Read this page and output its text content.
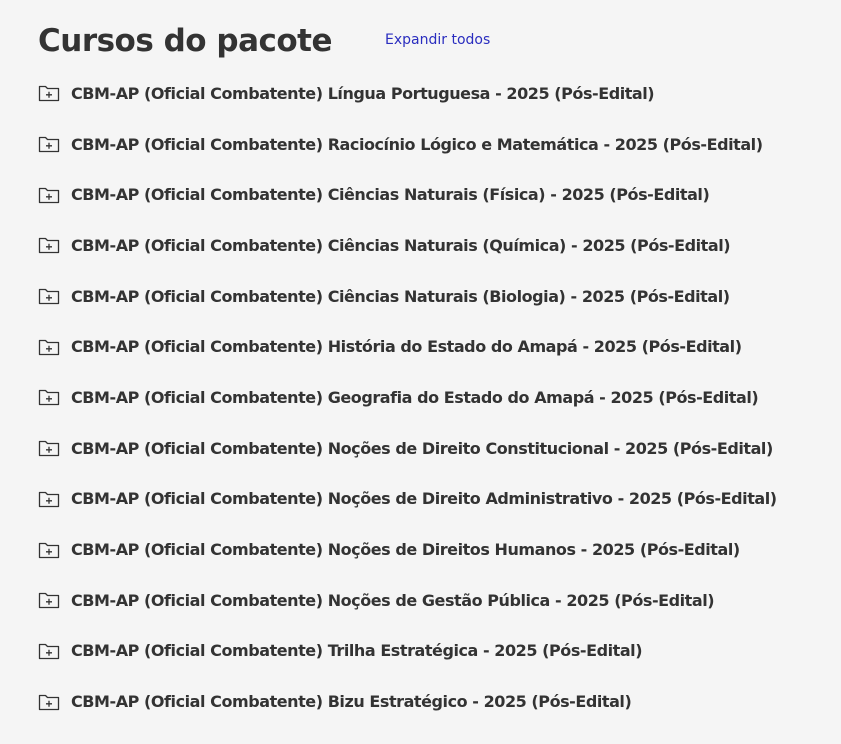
Cursos do pacote	Expandir todos
CBM-AP (Oficial Combatente) Língua Portuguesa - 2025 (Pós-Edital)
CBM-AP (Oficial Combatente) Raciocínio Lógico e Matemática - 2025 (Pós-Edital)
CBM-AP (Oficial Combatente) Ciências Naturais (Física) - 2025 (Pós-Edital)
CBM-AP (Oficial Combatente) Ciências Naturais (Química) - 2025 (Pós-Edital)
CBM-AP (Oficial Combatente) Ciências Naturais (Biologia) - 2025 (Pós-Edital)
CBM-AP (Oficial Combatente) História do Estado do Amapá - 2025 (Pós-Edital)
CBM-AP (Oficial Combatente) Geografia do Estado do Amapá - 2025 (Pós-Edital)
CBM-AP (Oficial Combatente) Noções de Direito Constitucional - 2025 (Pós-Edital)
CBM-AP (Oficial Combatente) Noções de Direito Administrativo - 2025 (Pós-Edital)
CBM-AP (Oficial Combatente) Noções de Direitos Humanos - 2025 (Pós-Edital)
CBM-AP (Oficial Combatente) Noções de Gestão Pública - 2025 (Pós-Edital)
CBM-AP (Oficial Combatente) Trilha Estratégica - 2025 (Pós-Edital)
CBM-AP (Oficial Combatente) Bizu Estratégico - 2025 (Pós-Edital)
